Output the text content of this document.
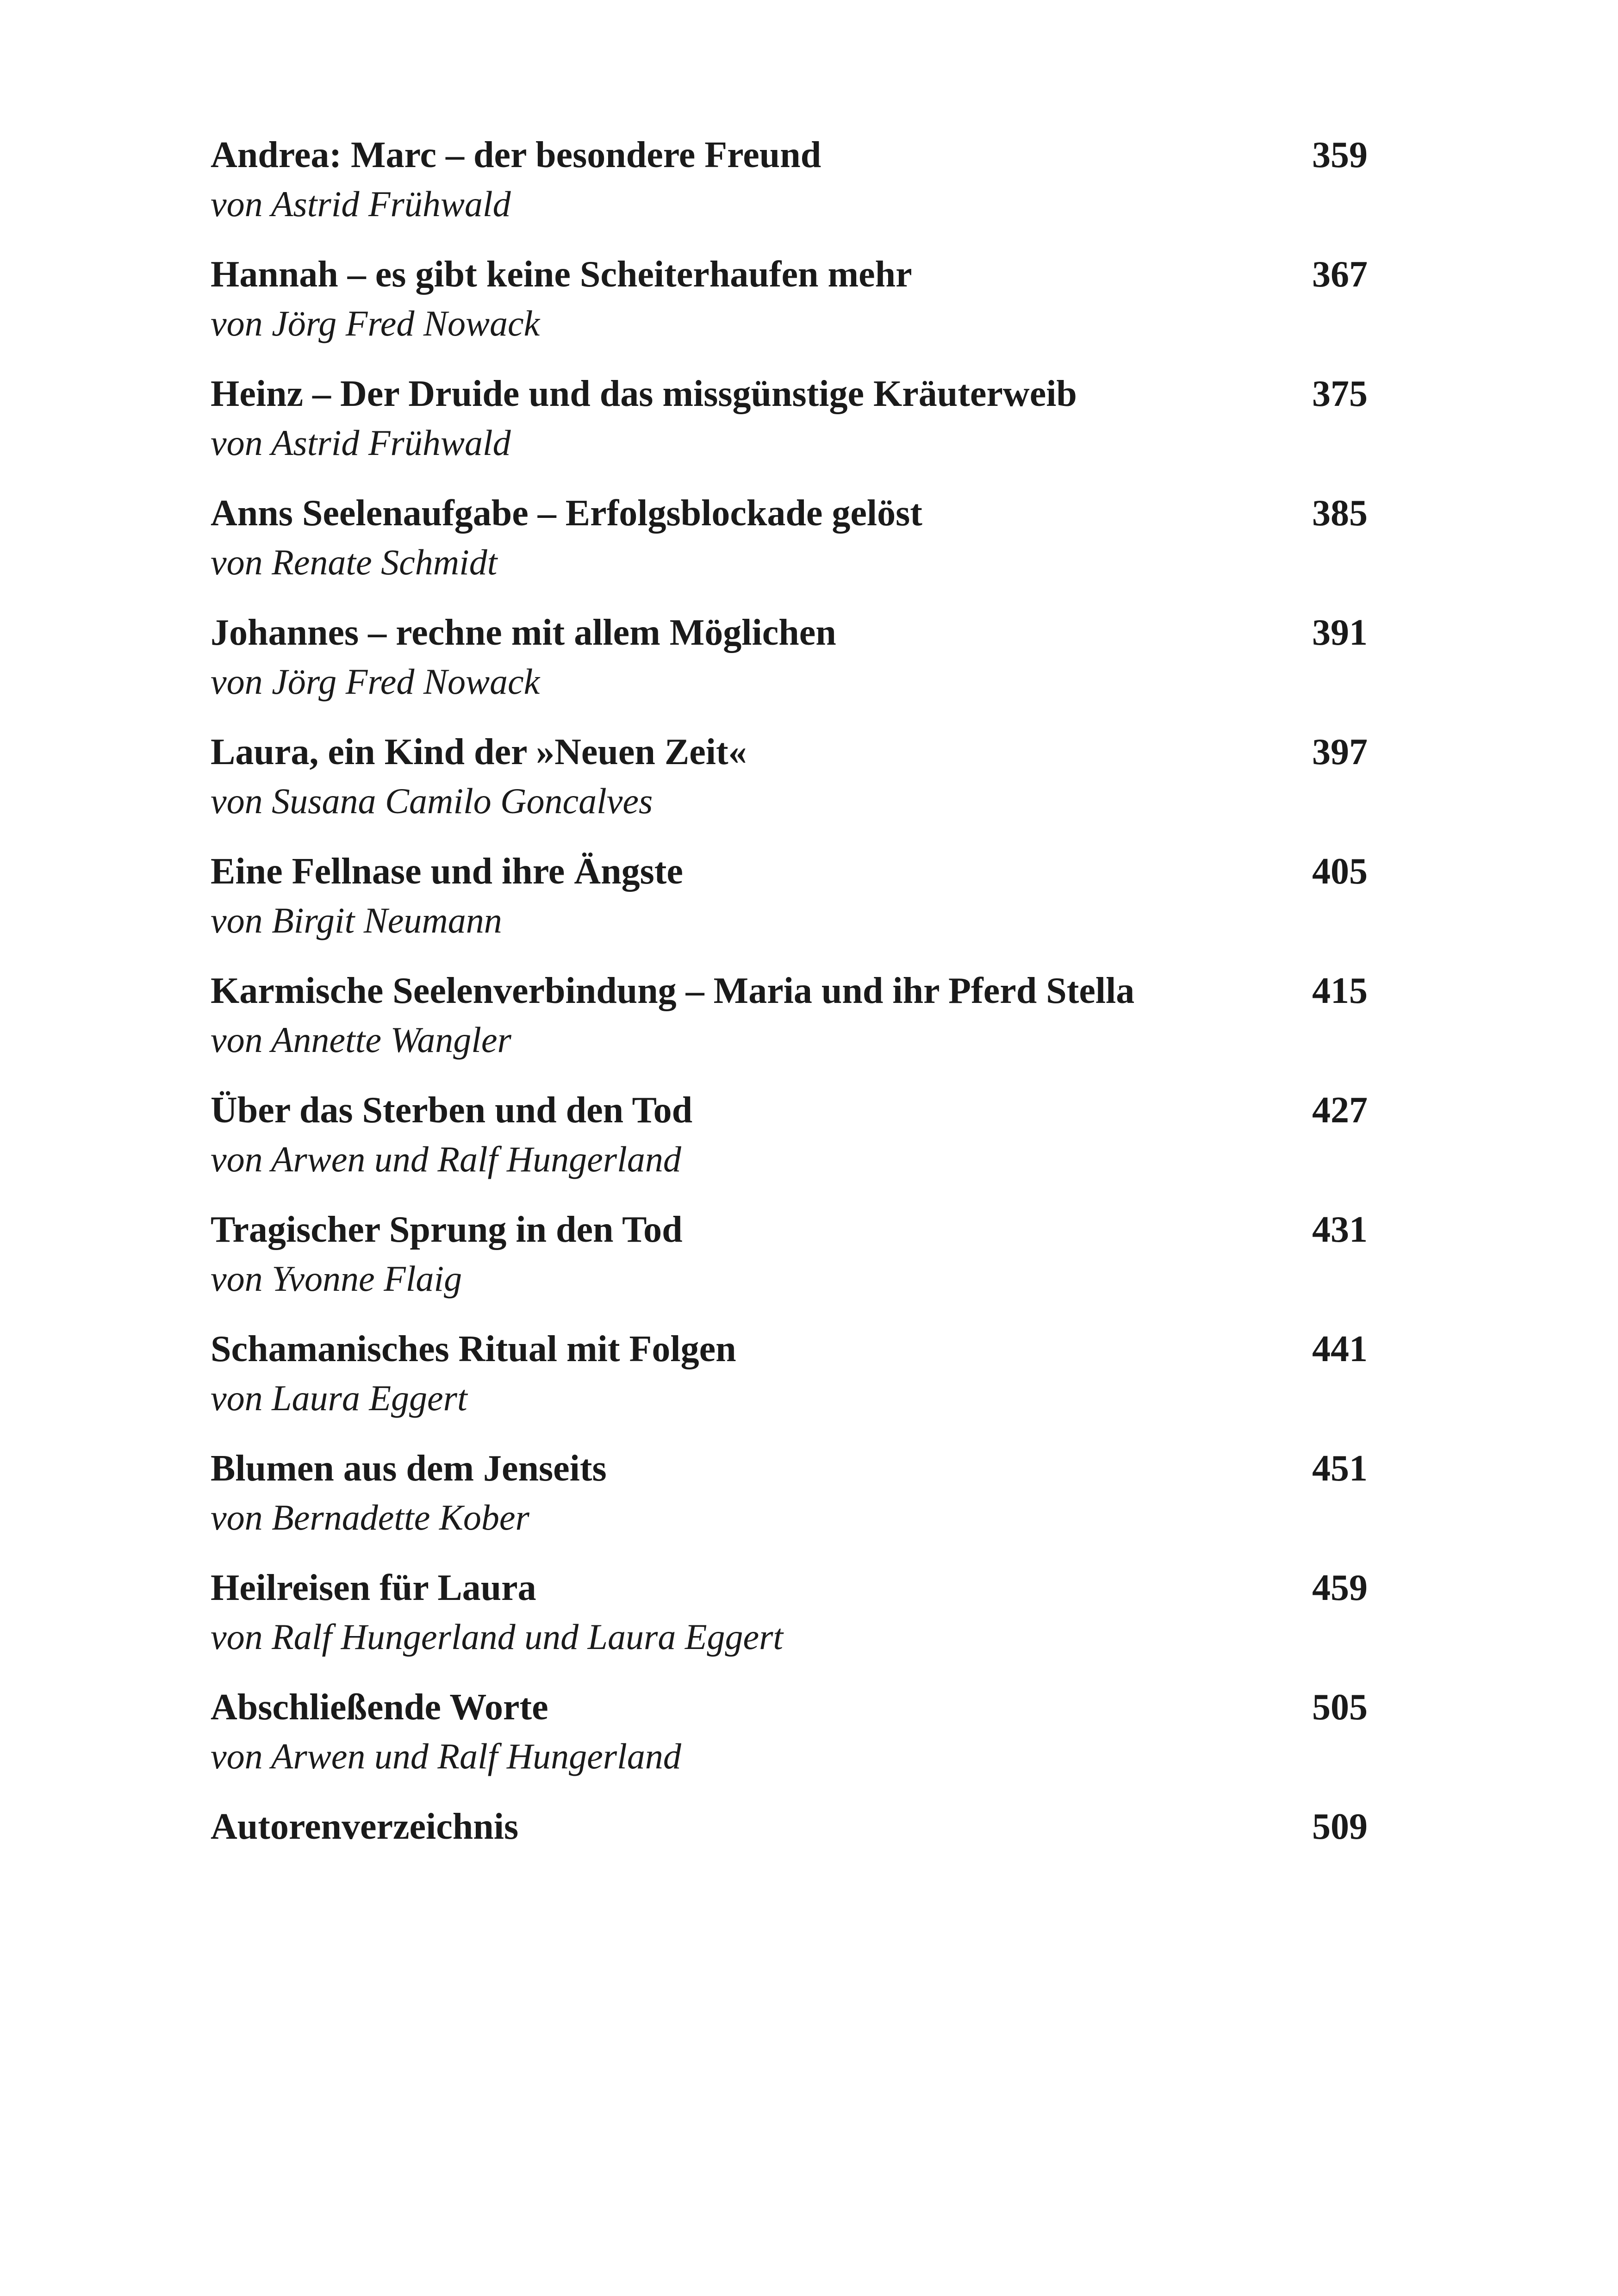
Andrea: Marc – der besondere Freund	359
von Astrid Frühwald
Hannah – es gibt keine Scheiterhaufen mehr	367
von Jörg Fred Nowack
Heinz – Der Druide und das missgünstige Kräuterweib	375
von Astrid Frühwald
Anns Seelenaufgabe – Erfolgsblockade gelöst	385
von Renate Schmidt
Johannes – rechne mit allem Möglichen	391
von Jörg Fred Nowack
Laura, ein Kind der »Neuen Zeit«	397
von Susana Camilo Goncalves
Eine Fellnase und ihre Ängste	405
von Birgit Neumann
Karmische Seelenverbindung – Maria und ihr Pferd Stella	415
von Annette Wangler
Über das Sterben und den Tod	427
von Arwen und Ralf Hungerland
Tragischer Sprung in den Tod	431
von Yvonne Flaig
Schamanisches Ritual mit Folgen	441
von Laura Eggert
Blumen aus dem Jenseits	451
von Bernadette Kober
Heilreisen für Laura	459
von Ralf Hungerland und Laura Eggert
Abschließende Worte	505
von Arwen und Ralf Hungerland
Autorenverzeichnis	509
